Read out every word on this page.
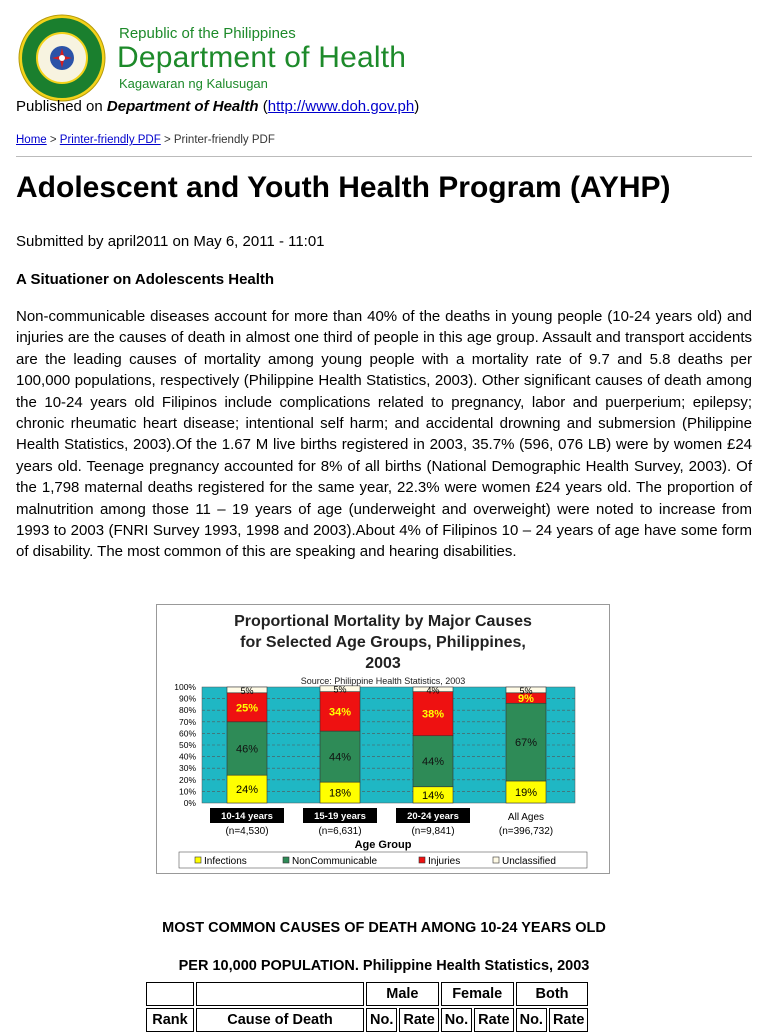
Republic of the Philippines
Department of Health
Kagawaran ng Kalusugan
Published on Department of Health (http://www.doh.gov.ph)
Home > Printer-friendly PDF > Printer-friendly PDF
Adolescent and Youth Health Program (AYHP)
Submitted by april2011 on May 6, 2011 - 11:01
A Situationer on Adolescents Health

Non-communicable diseases account for more than 40% of the deaths in young people (10-24 years old) and injuries are the causes of death in almost one third of people in this age group. Assault and transport accidents are the leading causes of mortality among young people with a mortality rate of 9.7 and 5.8 deaths per 100,000 populations, respectively (Philippine Health Statistics, 2003). Other significant causes of death among the 10-24 years old Filipinos include complications related to pregnancy, labor and puerperium; epilepsy; chronic rheumatic heart disease; intentional self harm; and accidental drowning and submersion (Philippine Health Statistics, 2003).Of the 1.67 M live births registered in 2003, 35.7% (596, 076 LB) were by women £24 years old. Teenage pregnancy accounted for 8% of all births (National Demographic Health Survey, 2003). Of the 1,798 maternal deaths registered for the same year, 22.3% were women £24 years old. The proportion of malnutrition among those 11 – 19 years of age (underweight and overweight) were noted to increase from 1993 to 2003 (FNRI Survey 1993, 1998 and 2003).About 4% of Filipinos 10 – 24 years of age have some form of disability. The most common of this are speaking and hearing disabilities.

Proportional Mortality by Major Causes
for Selected Age Groups, Philippines,
2003
Source: Philippine Health Statistics, 2003
0%
10%
20%
30%
40%
50%
60%
70%
80%
90%
100%
24%
46%
25%
5%
10-14 years
(n=4,530)
18%
44%
34%
5%
15-19 years
(n=6,631)
14%
44%
38%
4%
20-24 years
(n=9,841)
19%
67%
9%
5%
All Ages
(n=396,732)
Age Group
Infections	NonCommunicable	Injuries	Unclassified
MOST COMMON CAUSES OF DEATH AMONG 10-24 YEARS OLD
PER 10,000 POPULATION. Philippine Health Statistics, 2003
		Male		Female		Both	
Rank	Cause of Death	No.	Rate	No.	Rate	No.	Rate
